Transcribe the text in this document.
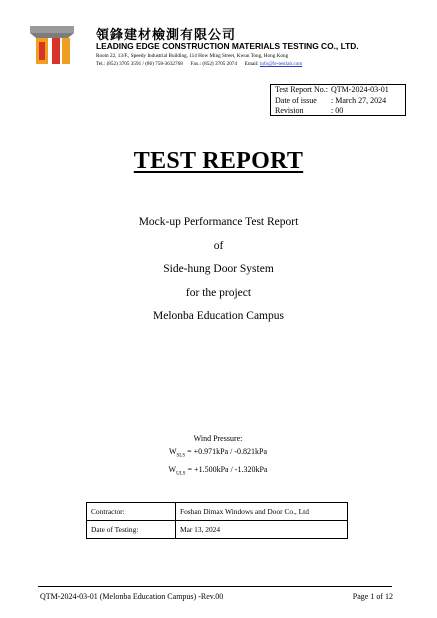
領鋒建材檢測有限公司
LEADING EDGE CONSTRUCTION MATERIALS TESTING CO., LTD.
Room 22, 13/F., Speedy Industrial Building, 114 How Ming Street, Kwun Tong, Hong Kong
Tel.: (852) 3705 3591 / (86) 758-3632768 Fax.: (852) 3705 2074 Email: info@le-testlab.com
Test Report No.: QTM-2024-03-01
Date of issue	: March 27, 2024
Revision	: 00
TEST REPORT
Mock-up Performance Test Report
of
Side-hung Door System
for the project
Melonba Education Campus
Wind Pressure:
$W_{SLS} = +0.971kPa / -0.821kPa$
$W_{ULS} = +1.500kPa / -1.320kPa$
Contractor:	Foshan Dimax Windows and Door Co., Ltd
Date of Testing:	Mar 13, 2024
QTM-2024-03-01 (Melonba Education Campus) -Rev.00	Page 1 of 12
